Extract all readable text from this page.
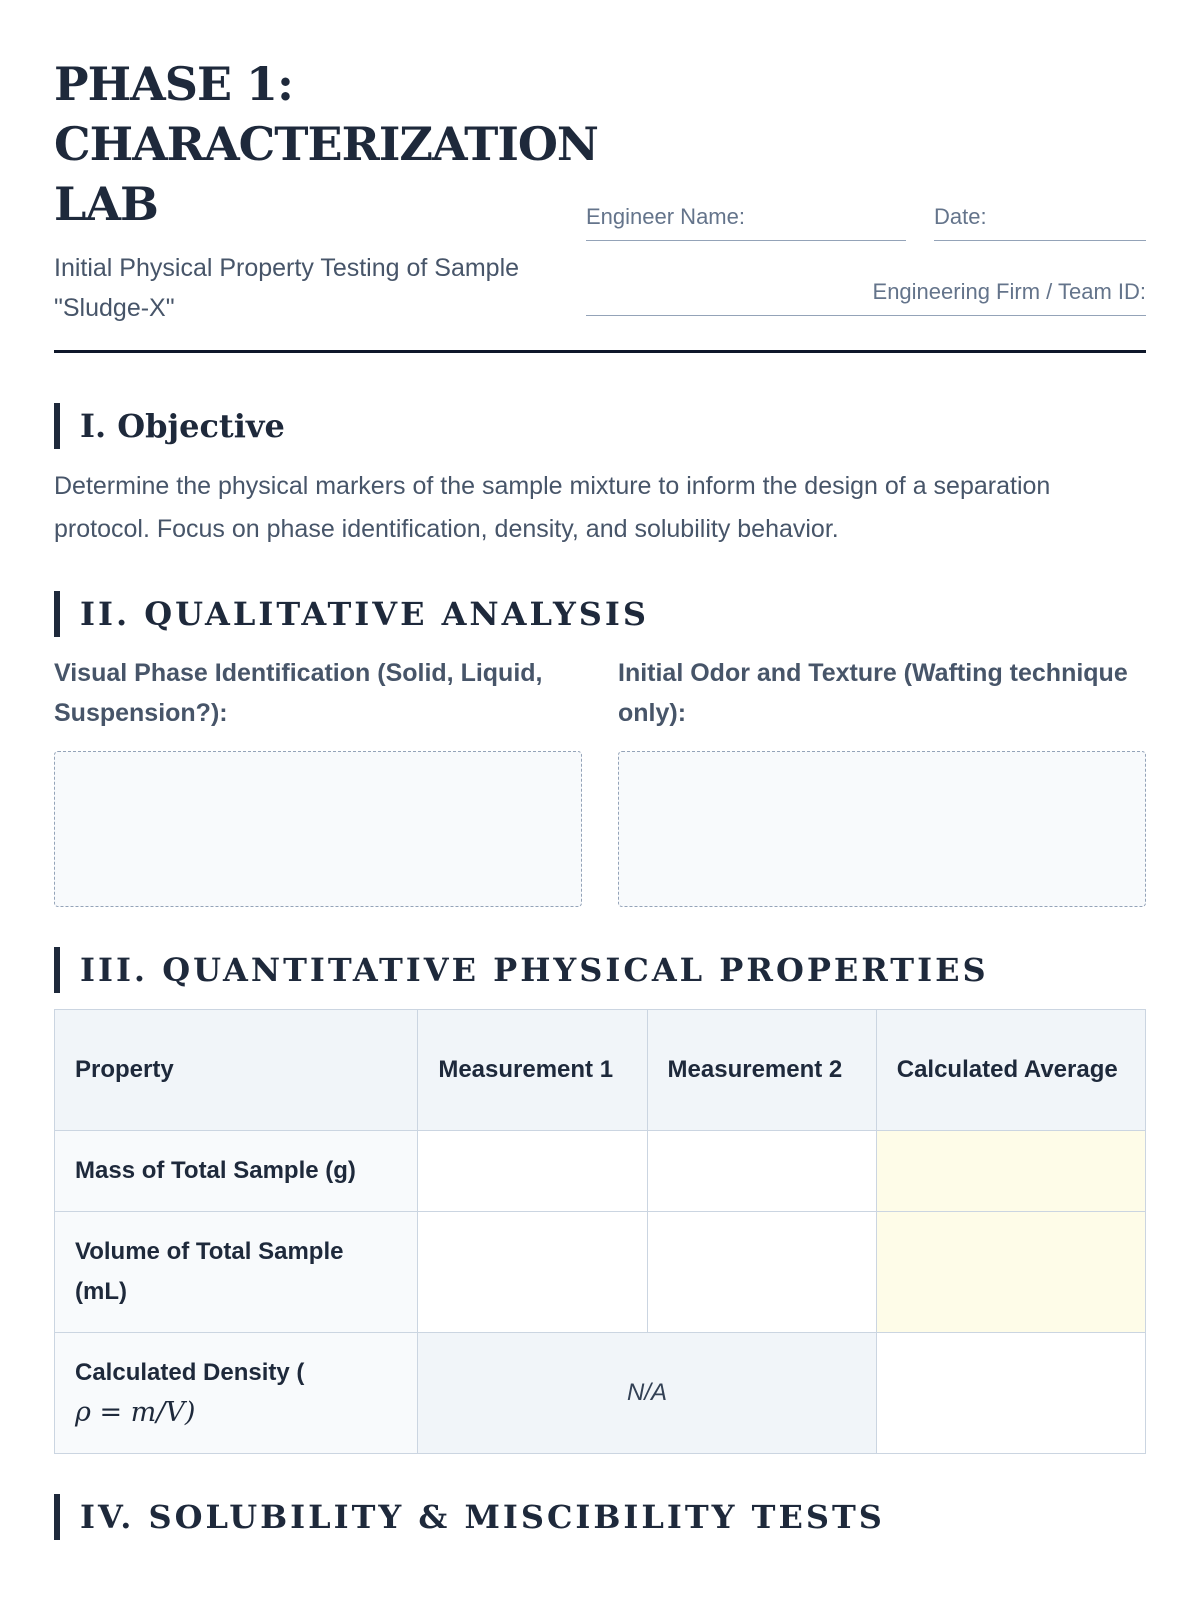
PHASE 1: CHARACTERIZATION LAB
Initial Physical Property Testing of Sample "Sludge-X"
Engineer Name:	Date:
Engineering Firm / Team ID:
I. Objective

Determine the physical markers of the sample mixture to inform the design of a separation protocol. Focus on phase identification, density, and solubility behavior.

II. QUALITATIVE ANALYSIS
Visual Phase Identification (Solid, Liquid, Suspension?):
Initial Odor and Texture (Wafting technique only):
III. QUANTITATIVE PHYSICAL PROPERTIES
Property	Measurement 1	Measurement 2	Calculated Average
Mass of Total Sample (g)			
Volume of Total Sample (mL)			
Calculated Density (
ρ = m/V)	N/A		
IV. SOLUBILITY & MISCIBILITY TESTS
